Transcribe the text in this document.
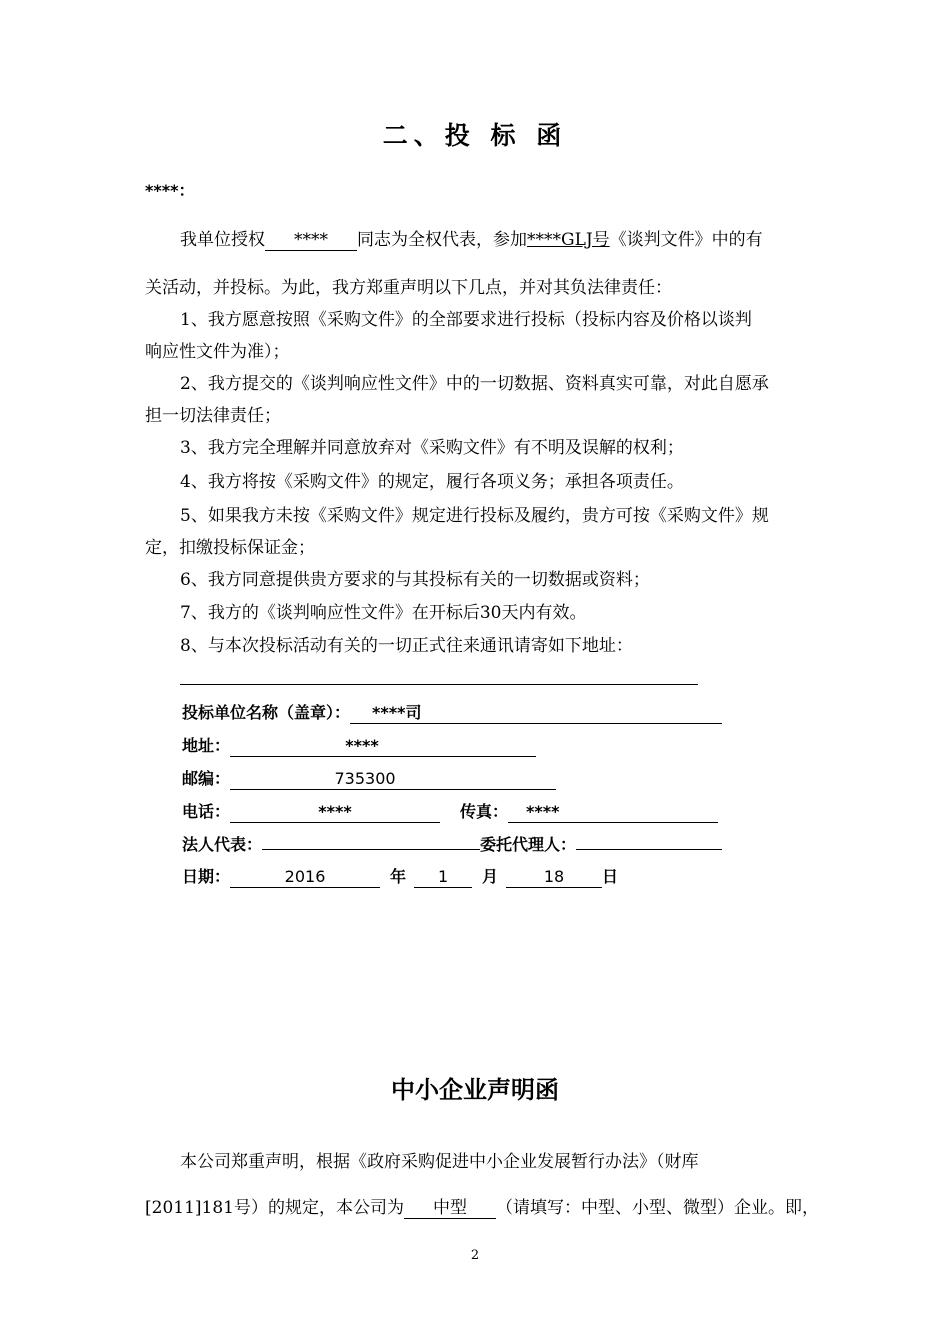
二、投 标 函
****：
我单位授权 **** 同志为全权代表，参加****GLJ号《谈判文件》中的有
关活动，并投标。为此，我方郑重声明以下几点，并对其负法律责任：
1、我方愿意按照《采购文件》的全部要求进行投标（投标内容及价格以谈判
响应性文件为准）；
2、我方提交的《谈判响应性文件》中的一切数据、资料真实可靠，对此自愿承
担一切法律责任；
3、我方完全理解并同意放弃对《采购文件》有不明及误解的权利；
4、我方将按《采购文件》的规定，履行各项义务；承担各项责任。
5、如果我方未按《采购文件》规定进行投标及履约，贵方可按《采购文件》规
定，扣缴投标保证金；
6、我方同意提供贵方要求的与其投标有关的一切数据或资料；
7、我方的《谈判响应性文件》在开标后30天内有效。
8、与本次投标活动有关的一切正式往来通讯请寄如下地址：
投标单位名称（盖章）： ****司
地址：	****
邮编：	735300
电话：	****	传真： ****
法人代表：	委托代理人：
日期：	2016	年 1 月	18 日
中小企业声明函
本公司郑重声明，根据《政府采购促进中小企业发展暂行办法》（财库
[2011]181号）的规定，本公司为 中型 （请填写：中型、小型、微型）企业。即，
2
